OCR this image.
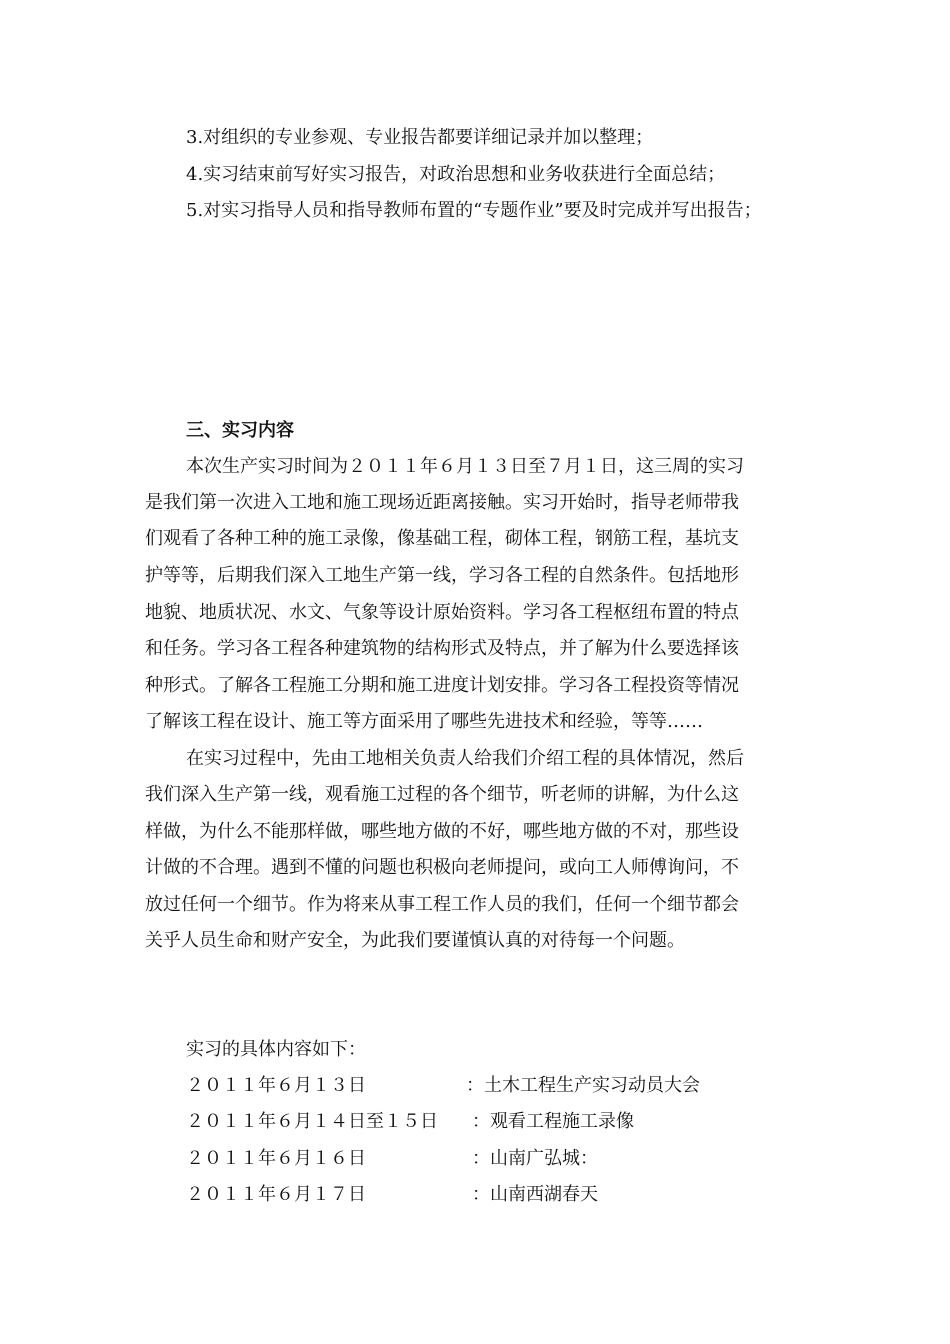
3.对组织的专业参观、专业报告都要详细记录并加以整理；
4.实习结束前写好实习报告，对政治思想和业务收获进行全面总结；
5.对实习指导人员和指导教师布置的“专题作业”要及时完成并写出报告；
三、实习内容
本次生产实习时间为２０１１年６月１３日至７月１日，这三周的实习
是我们第一次进入工地和施工现场近距离接触。实习开始时，指导老师带我
们观看了各种工种的施工录像，像基础工程，砌体工程，钢筋工程，基坑支
护等等，后期我们深入工地生产第一线，学习各工程的自然条件。包括地形
地貌、地质状况、水文、气象等设计原始资料。学习各工程枢纽布置的特点
和任务。学习各工程各种建筑物的结构形式及特点，并了解为什么要选择该
种形式。了解各工程施工分期和施工进度计划安排。学习各工程投资等情况
了解该工程在设计、施工等方面采用了哪些先进技术和经验，等等……
在实习过程中，先由工地相关负责人给我们介绍工程的具体情况，然后
我们深入生产第一线，观看施工过程的各个细节，听老师的讲解，为什么这
样做，为什么不能那样做，哪些地方做的不好，哪些地方做的不对，那些设
计做的不合理。遇到不懂的问题也积极向老师提问，或向工人师傅询问，不
放过任何一个细节。作为将来从事工程工作人员的我们，任何一个细节都会
关乎人员生命和财产安全，为此我们要谨慎认真的对待每一个问题。
实习的具体内容如下：
２０１１年６月１３日	：土木工程生产实习动员大会
２０１１年６月１４日至１５日 ：观看工程施工录像
２０１１年６月１６日	：山南广弘城：
２０１１年６月１７日	：山南西湖春天
